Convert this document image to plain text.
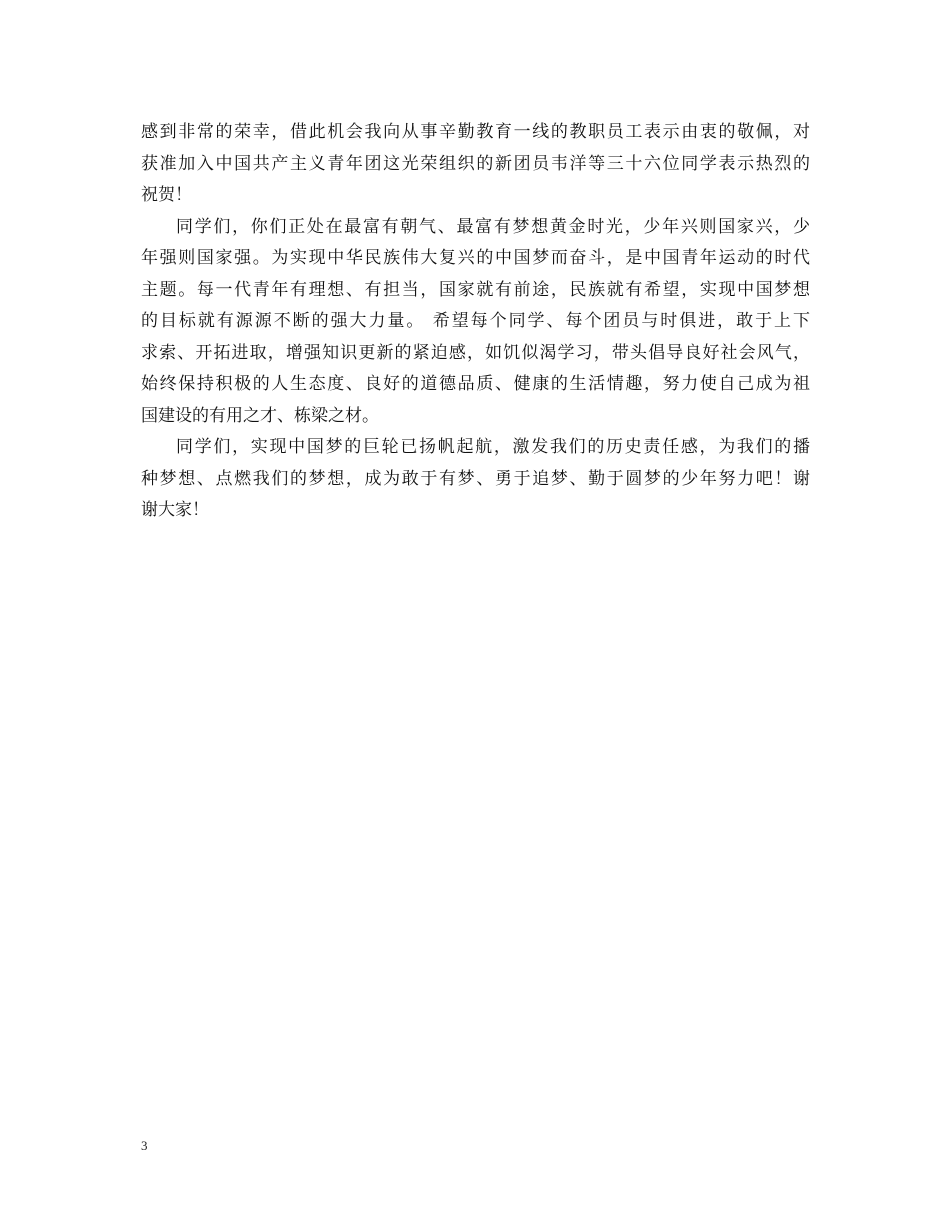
感到非常的荣幸，借此机会我向从事辛勤教育一线的教职员工表示由衷的敬佩，对
获准加入中国共产主义青年团这光荣组织的新团员韦洋等三十六位同学表示热烈的
祝贺！
同学们，你们正处在最富有朝气、最富有梦想黄金时光，少年兴则国家兴，少
年强则国家强。为实现中华民族伟大复兴的中国梦而奋斗，是中国青年运动的时代
主题。每一代青年有理想、有担当，国家就有前途，民族就有希望，实现中国梦想
的目标就有源源不断的强大力量。 希望每个同学、每个团员与时俱进，敢于上下
求索、开拓进取，增强知识更新的紧迫感，如饥似渴学习，带头倡导良好社会风气，
始终保持积极的人生态度、良好的道德品质、健康的生活情趣，努力使自己成为祖
国建设的有用之才、栋梁之材。
同学们，实现中国梦的巨轮已扬帆起航，激发我们的历史责任感，为我们的播
种梦想、点燃我们的梦想，成为敢于有梦、勇于追梦、勤于圆梦的少年努力吧！谢
谢大家！
3
